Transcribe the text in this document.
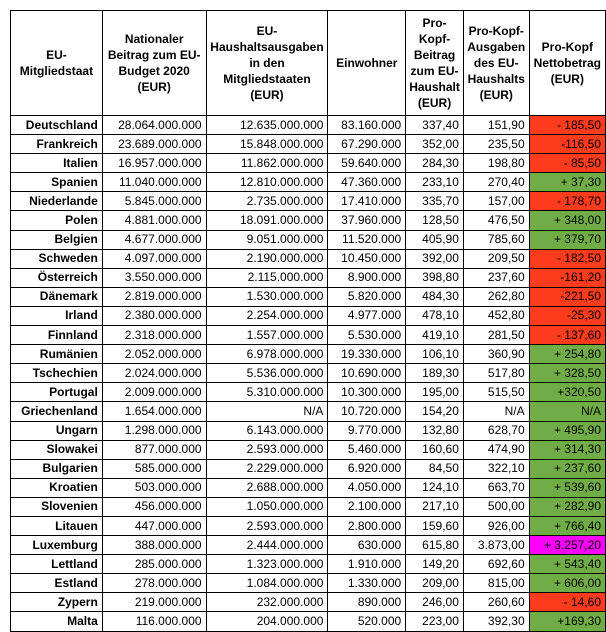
EU-Mitgliedstaat	Nationaler Beitrag zum EU-Budget 2020 (EUR)	EU-Haushaltsausgaben in den Mitgliedstaaten (EUR)	Einwohner	Pro-Kopf-Beitrag zum EU-Haushalt (EUR)	Pro-Kopf-Ausgaben des EU-Haushalts (EUR)	Pro-Kopf Nettobetrag (EUR)
Deutschland	28.064.000.000	12.635.000.000	83.160.000	337,40	151,90	- 185,50
Frankreich	23.689.000.000	15.848.000.000	67.290.000	352,00	235,50	-116,50
Italien	16.957.000.000	11.862.000.000	59.640.000	284,30	198,80	- 85,50
Spanien	11.040.000.000	12.810.000.000	47.360.000	233,10	270,40	+ 37,30
Niederlande	5.845.000.000	2.735.000.000	17.410.000	335,70	157,00	- 178,70
Polen	4.881.000.000	18.091.000.000	37.960.000	128,50	476,50	+ 348,00
Belgien	4.677.000.000	9.051.000.000	11.520.000	405,90	785,60	+ 379,70
Schweden	4.097.000.000	2.190.000.000	10.450.000	392,00	209,50	- 182,50
Österreich	3.550.000.000	2.115.000.000	8.900.000	398,80	237,60	-161,20
Dänemark	2.819.000.000	1.530.000.000	5.820.000	484,30	262,80	-221,50
Irland	2.380.000.000	2.254.000.000	4.977.000	478,10	452,80	-25,30
Finnland	2.318.000.000	1.557.000.000	5.530.000	419,10	281,50	- 137,60
Rumänien	2.052.000.000	6.978.000.000	19.330.000	106,10	360,90	+ 254,80
Tschechien	2.024.000.000	5.536.000.000	10.690.000	189,30	517,80	+ 328,50
Portugal	2.009.000.000	5.310.000.000	10.300.000	195,00	515,50	+320,50
Griechenland	1.654.000.000	N/A	10.720.000	154,20	N/A	N/A
Ungarn	1.298.000.000	6.143.000.000	9.770.000	132,80	628,70	+ 495,90
Slowakei	877.000.000	2.593.000.000	5.460.000	160,60	474,90	+ 314,30
Bulgarien	585.000.000	2.229.000.000	6.920.000	84,50	322,10	+ 237,60
Kroatien	503.000.000	2.688.000.000	4.050.000	124,10	663,70	+ 539,60
Slovenien	456.000.000	1.050.000.000	2.100.000	217,10	500,00	+ 282,90
Litauen	447.000.000	2.593.000.000	2.800.000	159,60	926,00	+ 766,40
Luxemburg	388.000.000	2.444.000.000	630.000	615,80	3.873,00	+ 3.257,20
Lettland	285.000.000	1.323.000.000	1.910.000	149,20	692,60	+ 543,40
Estland	278.000.000	1.084.000.000	1.330.000	209,00	815,00	+ 606,00
Zypern	219.000.000	232.000.000	890.000	246,00	260,60	- 14,60
Malta	116.000.000	204.000.000	520.000	223,00	392,30	+169,30
